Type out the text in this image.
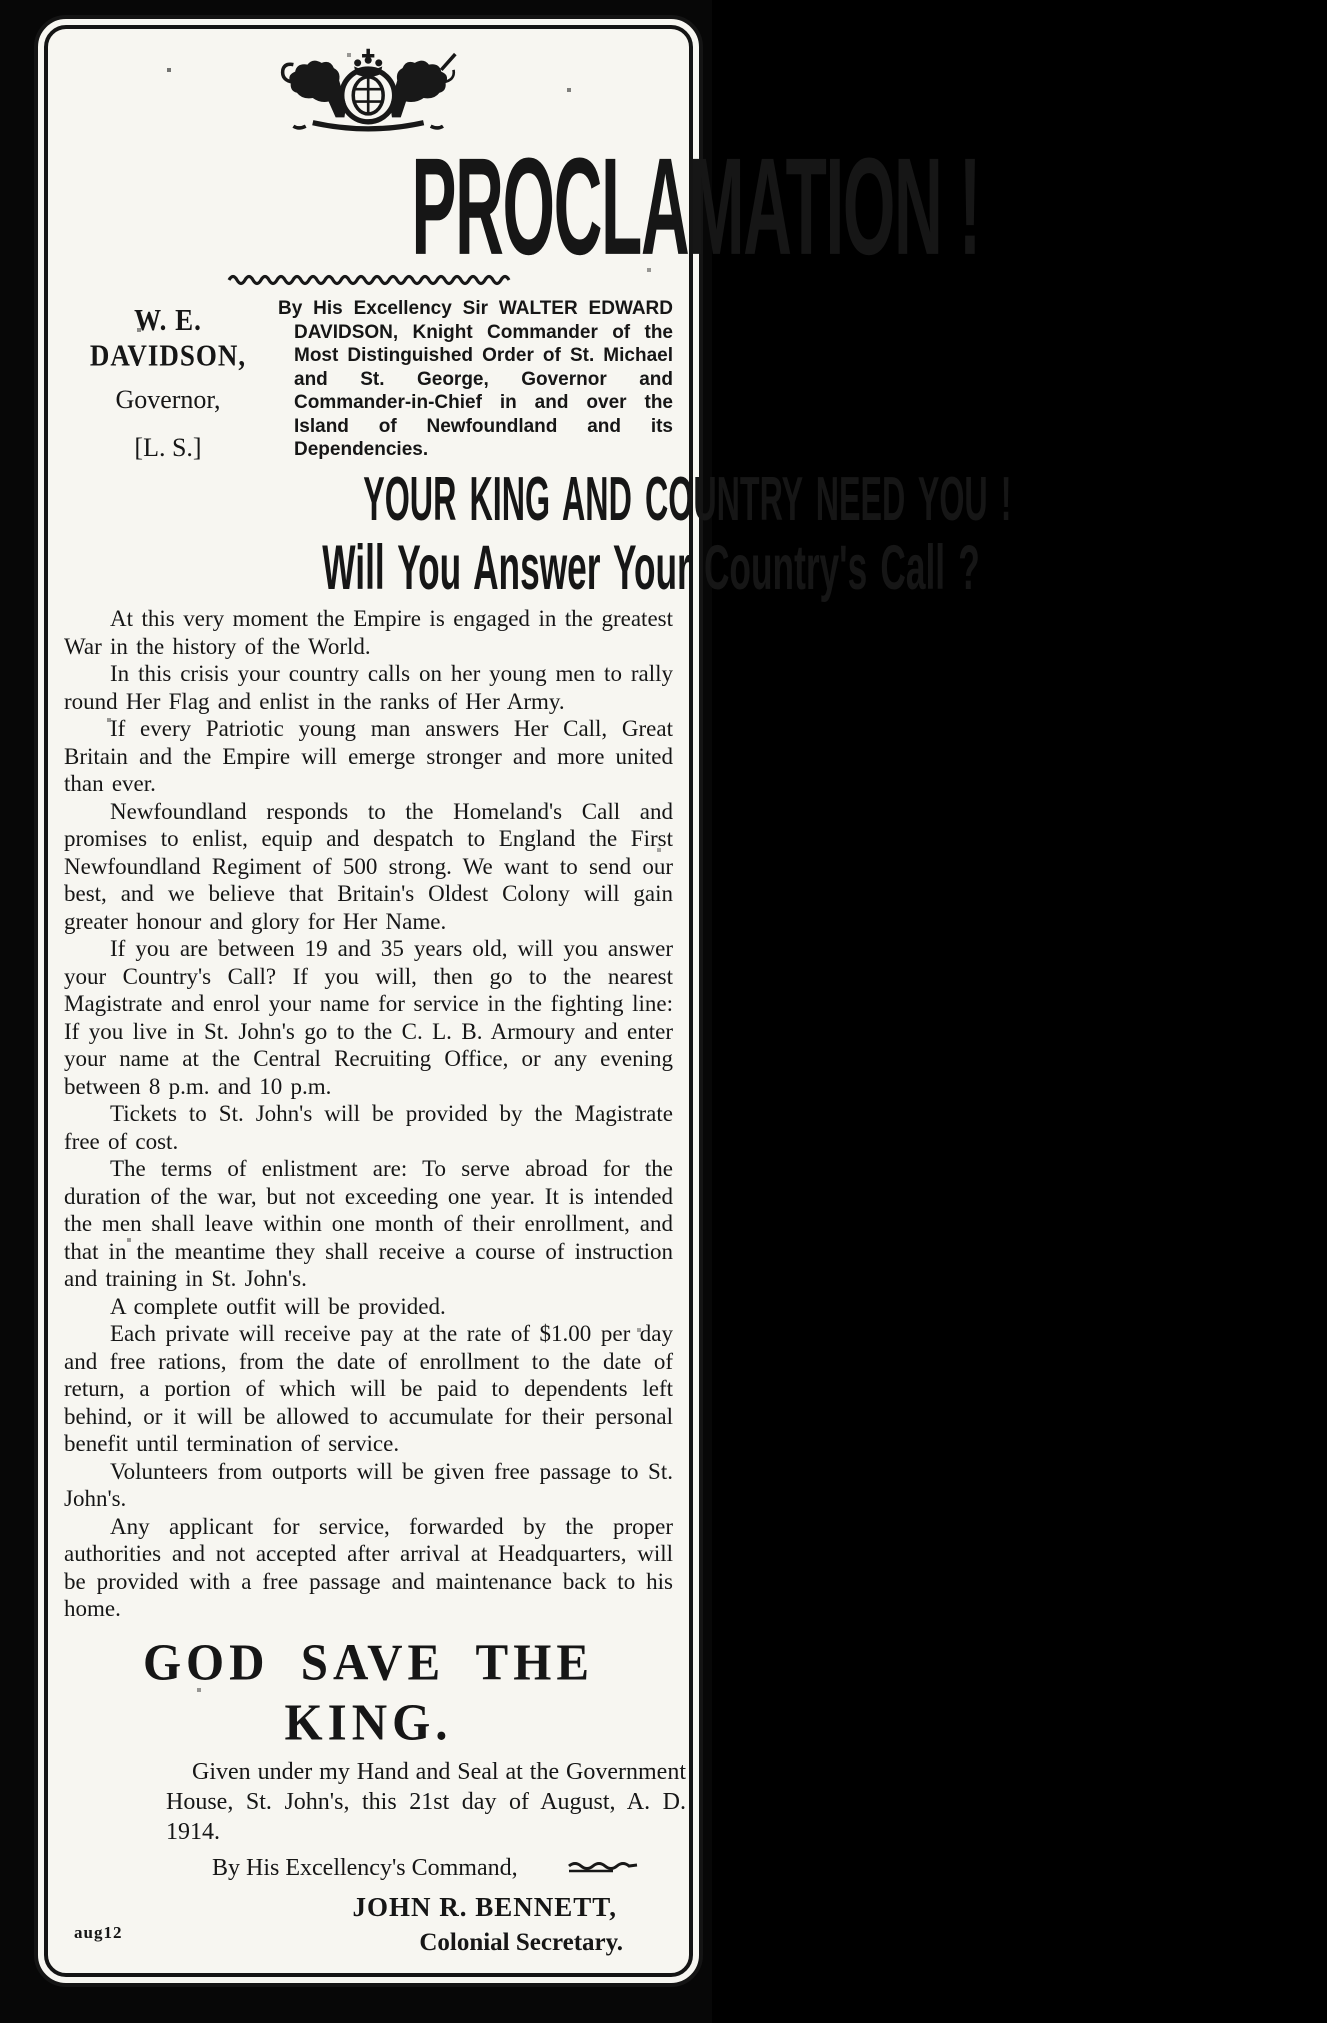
PROCLAMATION !
W. E. DAVIDSON,
Governor,
[L. S.]
By His Excellency Sir WALTER EDWARD DAVIDSON, Knight Commander of the Most Distinguished Order of St. Michael and St. George, Governor and Commander-in-Chief in and over the Island of Newfoundland and its Dependencies.
YOUR KING AND COUNTRY NEED YOU !
Will You Answer Your Country's Call ?

At this very moment the Empire is engaged in the greatest War in the history of the World.

In this crisis your country calls on her young men to rally round Her Flag and enlist in the ranks of Her Army.

If every Patriotic young man answers Her Call, Great Britain and the Empire will emerge stronger and more united than ever.

Newfoundland responds to the Homeland's Call and promises to enlist, equip and despatch to England the First Newfoundland Regiment of 500 strong. We want to send our best, and we believe that Britain's Oldest Colony will gain greater honour and glory for Her Name.

If you are between 19 and 35 years old, will you answer your Country's Call? If you will, then go to the nearest Magistrate and enrol your name for service in the fighting line: If you live in St. John's go to the C. L. B. Armoury and enter your name at the Central Recruiting Office, or any evening between 8 p.m. and 10 p.m.

Tickets to St. John's will be provided by the Magistrate free of cost.

The terms of enlistment are: To serve abroad for the duration of the war, but not exceeding one year. It is intended the men shall leave within one month of their enrollment, and that in the meantime they shall receive a course of instruction and training in St. John's.

A complete outfit will be provided.

Each private will receive pay at the rate of $1.00 per day and free rations, from the date of enrollment to the date of return, a portion of which will be paid to dependents left behind, or it will be allowed to accumulate for their personal benefit until termination of service.

Volunteers from outports will be given free passage to St. John's.

Any applicant for service, forwarded by the proper authorities and not accepted after arrival at Headquarters, will be provided with a free passage and maintenance back to his home.

GOD SAVE THE KING.
Given under my Hand and Seal at the Government House, St. John's, this 21st day of August, A. D. 1914.
By His Excellency's Command,
JOHN R. BENNETT,
Colonial Secretary.
aug12
